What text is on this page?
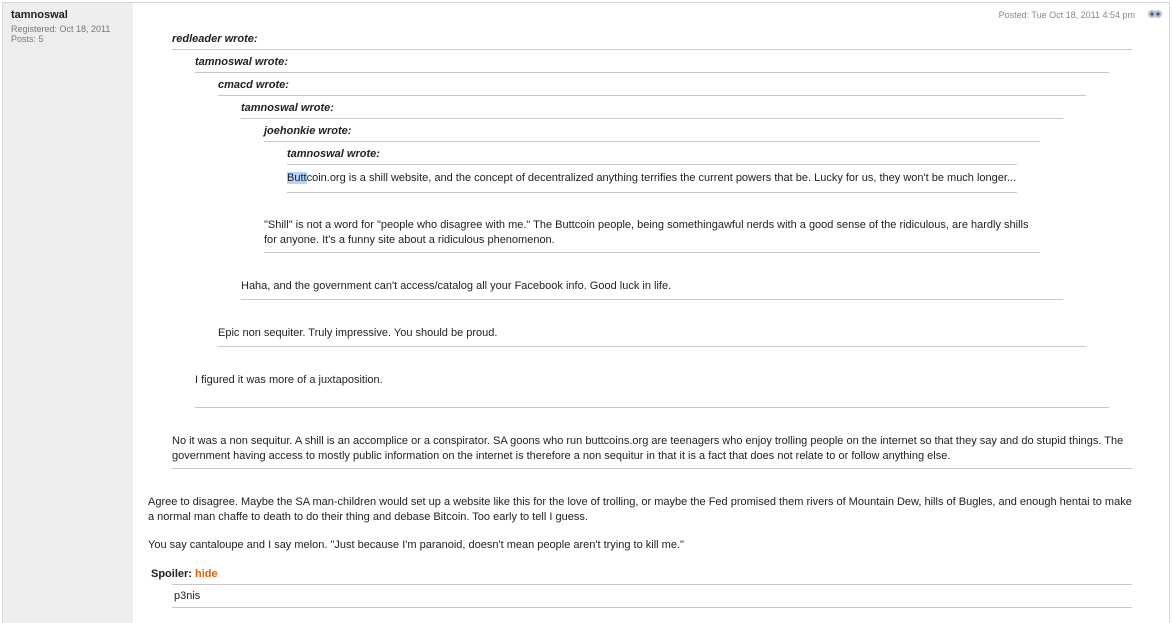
tamnoswal
Registered: Oct 18, 2011
Posts: 5
Posted: Tue Oct 18, 2011 4:54 pm
redleader wrote:
tamnoswal wrote:
cmacd wrote:
tamnoswal wrote:
joehonkie wrote:
tamnoswal wrote:
Buttcoin.org is a shill website, and the concept of decentralized anything terrifies the current powers that be. Lucky for us, they won't be much longer...
"Shill" is not a word for "people who disagree with me." The Buttcoin people, being somethingawful nerds with a good sense of the ridiculous, are hardly shills for anyone. It's a funny site about a ridiculous phenomenon.
Haha, and the government can't access/catalog all your Facebook info. Good luck in life.
Epic non sequiter. Truly impressive. You should be proud.
I figured it was more of a juxtaposition.
No it was a non sequitur. A shill is an accomplice or a conspirator. SA goons who run buttcoins.org are teenagers who enjoy trolling people on the internet so that they say and do stupid things. The government having access to mostly public information on the internet is therefore a non sequitur in that it is a fact that does not relate to or follow anything else.
Agree to disagree. Maybe the SA man-children would set up a website like this for the love of trolling, or maybe the Fed promised them rivers of Mountain Dew, hills of Bugles, and enough hentai to make a normal man chaffe to death to do their thing and debase Bitcoin. Too early to tell I guess.
You say cantaloupe and I say melon. "Just because I'm paranoid, doesn't mean people aren't trying to kill me."
Spoiler: hide
p3nis
